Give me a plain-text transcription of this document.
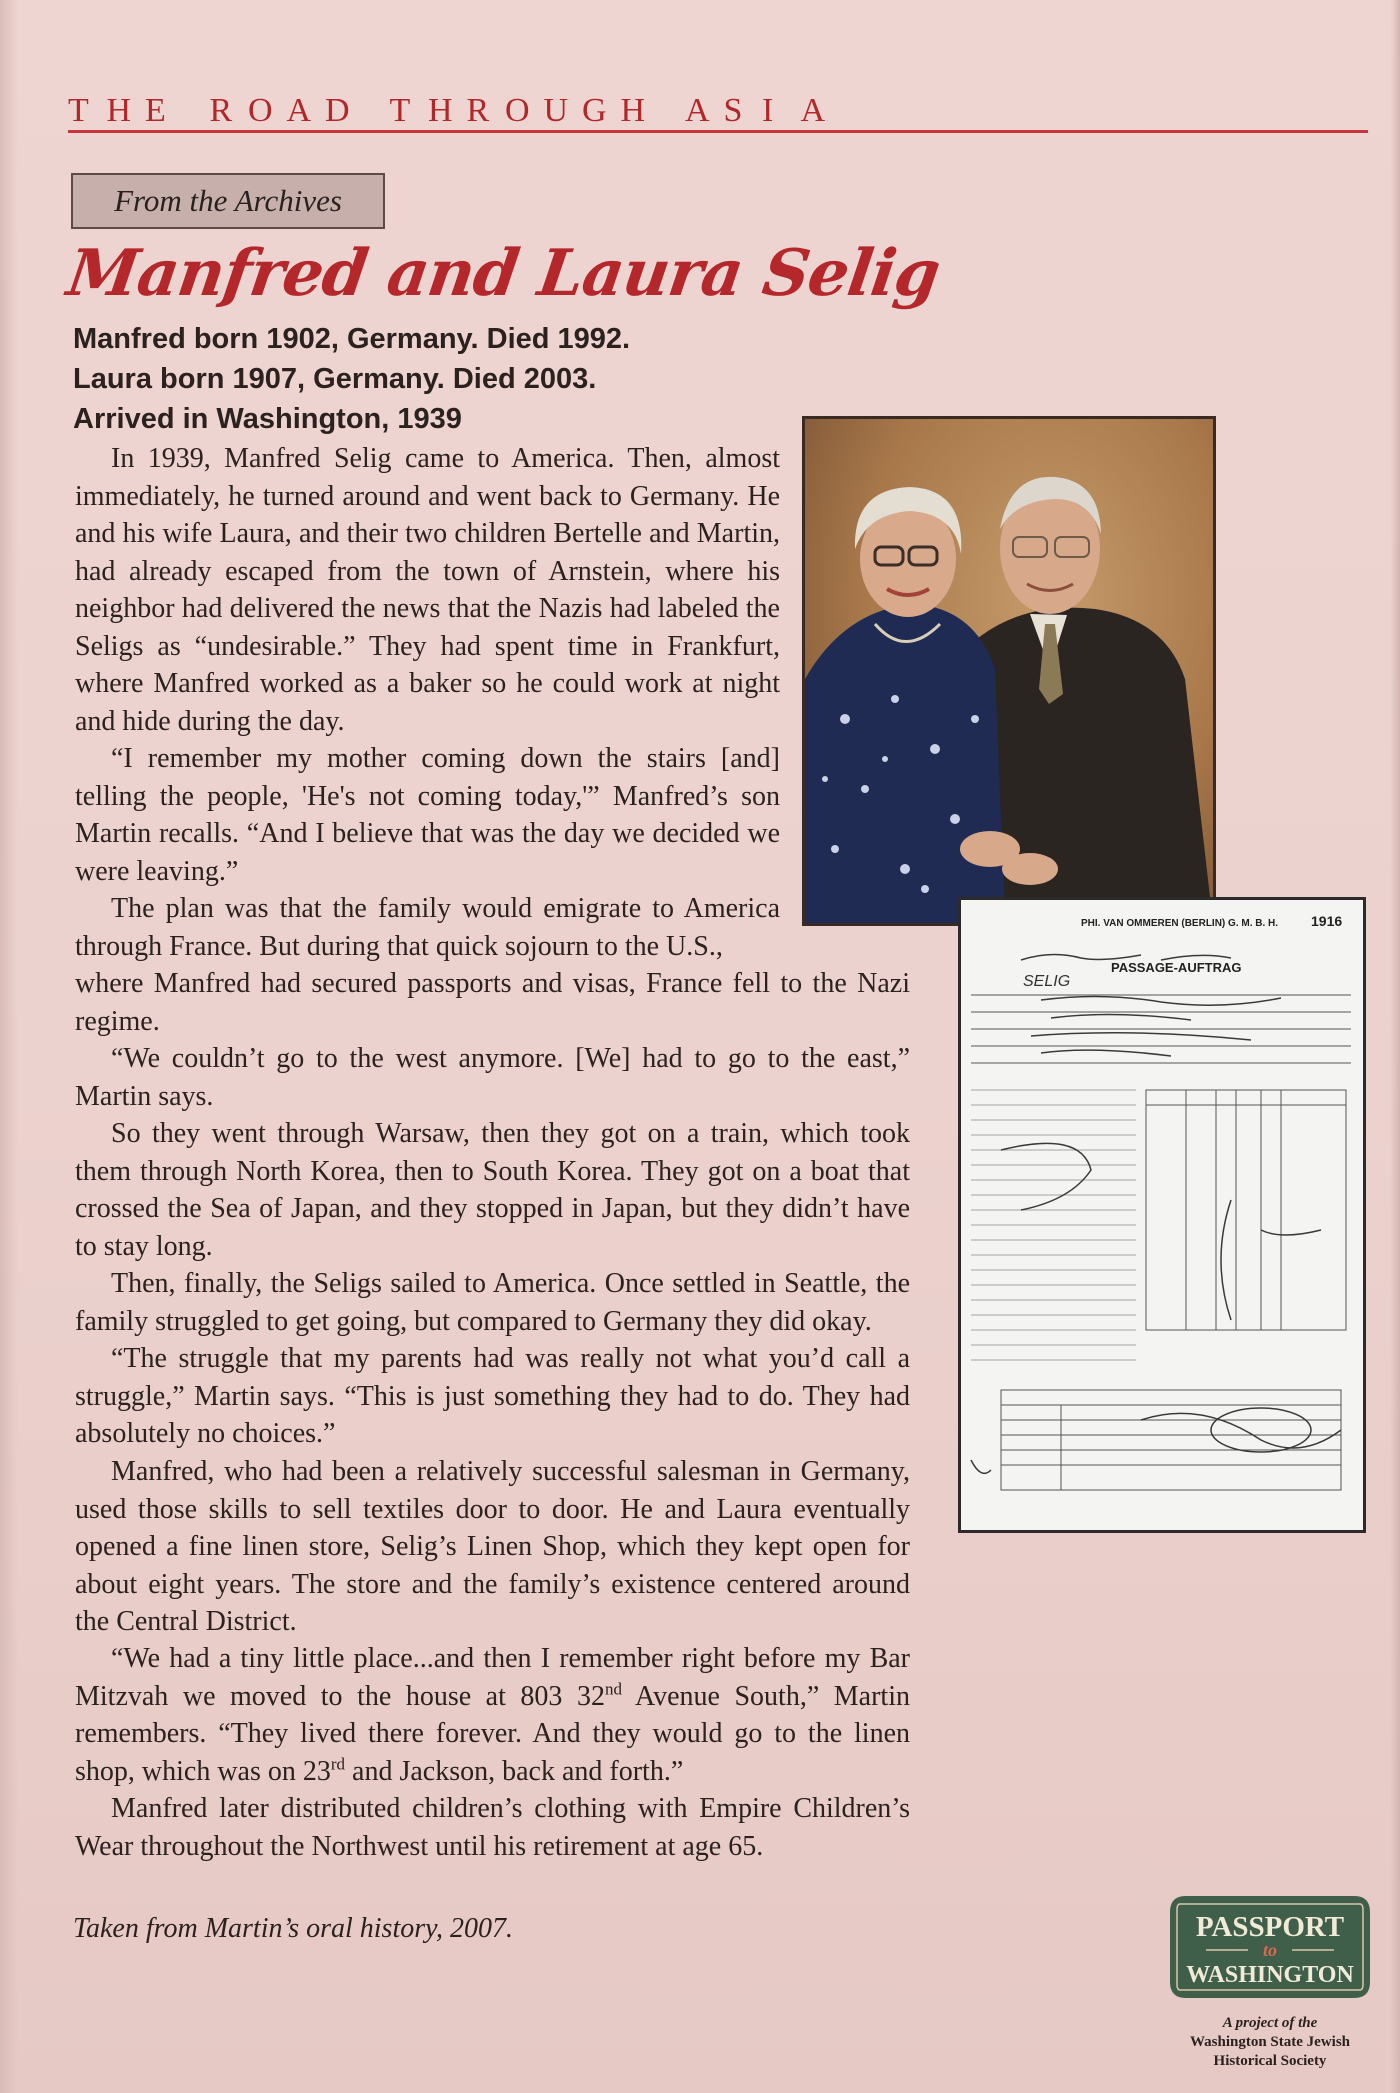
T H E R O A D T H R O U G H A S I A
From the Archives
Manfred and Laura Selig
Manfred born 1902, Germany. Died 1992.
Laura born 1907, Germany. Died 2003.
Arrived in Washington, 1939

In 1939, Manfred Selig came to America. Then, almost immediately, he turned around and went back to Germany. He and his wife Laura, and their two children Bertelle and Martin, had already escaped from the town of Arnstein, where his neighbor had delivered the news that the Nazis had labeled the Seligs as “undesirable.” They had spent time in Frankfurt, where Manfred worked as a baker so he could work at night and hide during the day.

“I remember my mother coming down the stairs [and] telling the people, 'He's not coming today,'” Manfred’s son Martin recalls. “And I believe that was the day we decided we were leaving.”

The plan was that the family would emigrate to America through France. But during that quick sojourn to the U.S.,

where Manfred had secured passports and visas, France fell to the Nazi regime.

“We couldn’t go to the west anymore. [We] had to go to the east,” Martin says.

So they went through Warsaw, then they got on a train, which took them through North Korea, then to South Korea. They got on a boat that crossed the Sea of Japan, and they stopped in Japan, but they didn’t have to stay long.

Then, finally, the Seligs sailed to America. Once settled in Seattle, the family struggled to get going, but compared to Germany they did okay.

“The struggle that my parents had was really not what you’d call a struggle,” Martin says. “This is just something they had to do. They had absolutely no choices.”

Manfred, who had been a relatively successful salesman in Germany, used those skills to sell textiles door to door. He and Laura eventually opened a fine linen store, Selig’s Linen Shop, which they kept open for about eight years. The store and the family’s existence centered around the Central District.

“We had a tiny little place...and then I remember right before my Bar Mitzvah we moved to the house at 803 32nd Avenue South,” Martin remembers. “They lived there forever. And they would go to the linen shop, which was on 23rd and Jackson, back and forth.”

Manfred later distributed children’s clothing with Empire Children’s Wear throughout the Northwest until his retirement at age 65.

PHI. VAN OMMEREN (BERLIN) G. M. B. H. 1916
PASSAGE-AUFTRAG
SELIG
Taken from Martin’s oral history, 2007.	PASSPORT
to
WASHINGTON
A project of the
Washington State Jewish Historical Society
